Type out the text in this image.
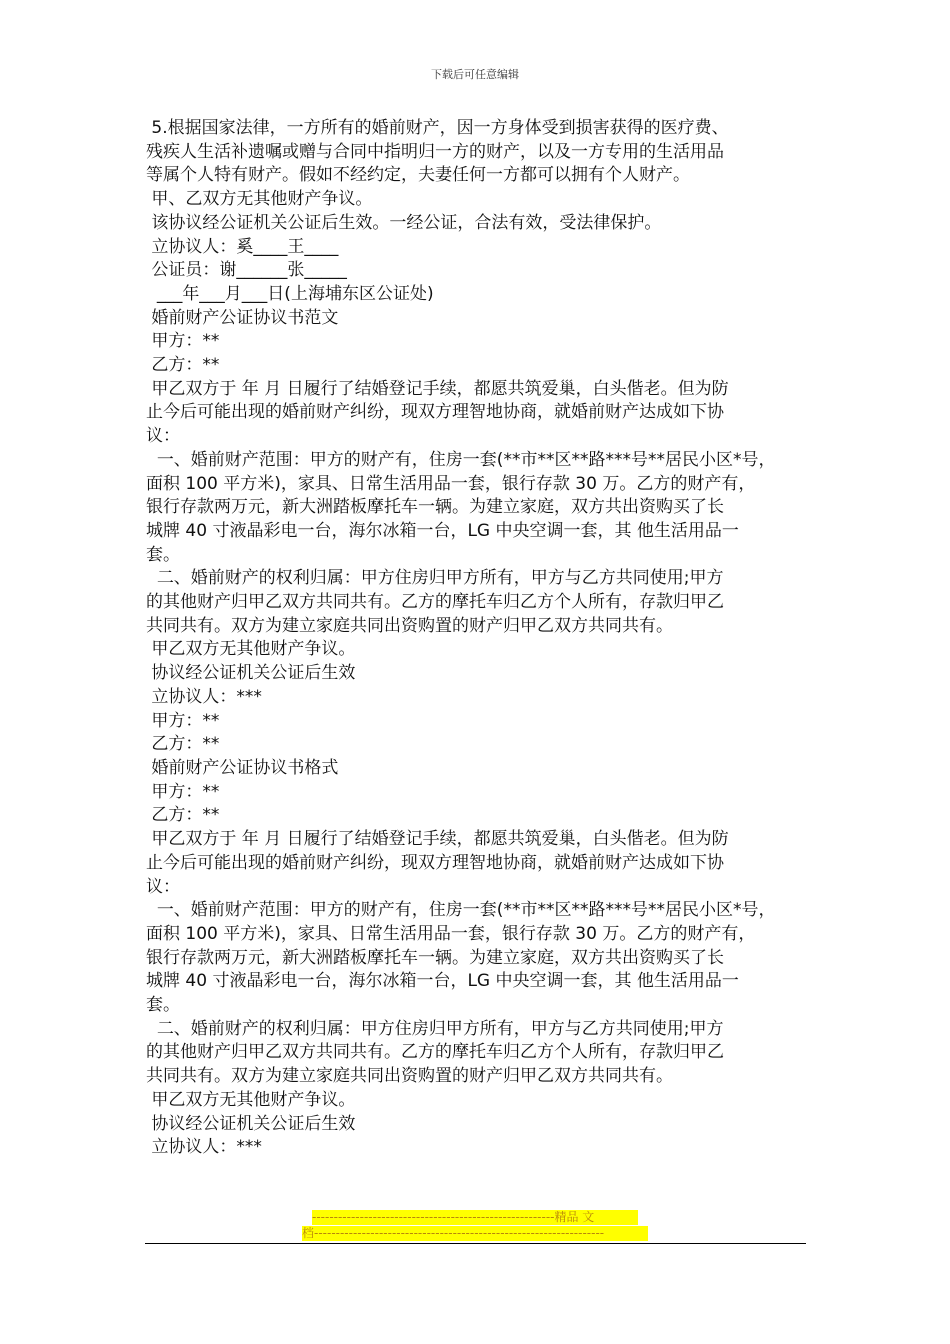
下载后可任意编辑

5.根据国家法律，一方所有的婚前财产，因一方身体受到损害获得的医疗费、

残疾人生活补遗嘱或赠与合同中指明归一方的财产，以及一方专用的生活用品

等属个人特有财产。假如不经约定，夫妻任何一方都可以拥有个人财产。

甲、乙双方无其他财产争议。

该协议经公证机关公证后生效。一经公证，合法有效，受法律保护。

立协议人：奚____王____

公证员：谢______张_____

___年___月___日(上海埔东区公证处)

婚前财产公证协议书范文

甲方：**

乙方：**

甲乙双方于 年 月 日履行了结婚登记手续，都愿共筑爱巢，白头偕老。但为防

止今后可能出现的婚前财产纠纷，现双方理智地协商，就婚前财产达成如下协

议：

一、婚前财产范围：甲方的财产有，住房一套(**市**区**路***号**居民小区*号，

面积 100 平方米)，家具、日常生活用品一套，银行存款 30 万。乙方的财产有，

银行存款两万元，新大洲踏板摩托车一辆。为建立家庭，双方共出资购买了长

城牌 40 寸液晶彩电一台，海尔冰箱一台，LG 中央空调一套，其 他生活用品一

套。

二、婚前财产的权利归属：甲方住房归甲方所有，甲方与乙方共同使用;甲方

的其他财产归甲乙双方共同共有。乙方的摩托车归乙方个人所有，存款归甲乙

共同共有。双方为建立家庭共同出资购置的财产归甲乙双方共同共有。

甲乙双方无其他财产争议。

协议经公证机关公证后生效

立协议人：***

甲方：**

乙方：**

婚前财产公证协议书格式

甲方：**

乙方：**

甲乙双方于 年 月 日履行了结婚登记手续，都愿共筑爱巢，白头偕老。但为防

止今后可能出现的婚前财产纠纷，现双方理智地协商，就婚前财产达成如下协

议：

一、婚前财产范围：甲方的财产有，住房一套(**市**区**路***号**居民小区*号，

面积 100 平方米)，家具、日常生活用品一套，银行存款 30 万。乙方的财产有，

银行存款两万元，新大洲踏板摩托车一辆。为建立家庭，双方共出资购买了长

城牌 40 寸液晶彩电一台，海尔冰箱一台，LG 中央空调一套，其 他生活用品一

套。

二、婚前财产的权利归属：甲方住房归甲方所有，甲方与乙方共同使用;甲方

的其他财产归甲乙双方共同共有。乙方的摩托车归乙方个人所有，存款归甲乙

共同共有。双方为建立家庭共同出资购置的财产归甲乙双方共同共有。

甲乙双方无其他财产争议。

协议经公证机关公证后生效

立协议人：***

--------------------------------------------------------精品 文
档-------------------------------------------------------------------
